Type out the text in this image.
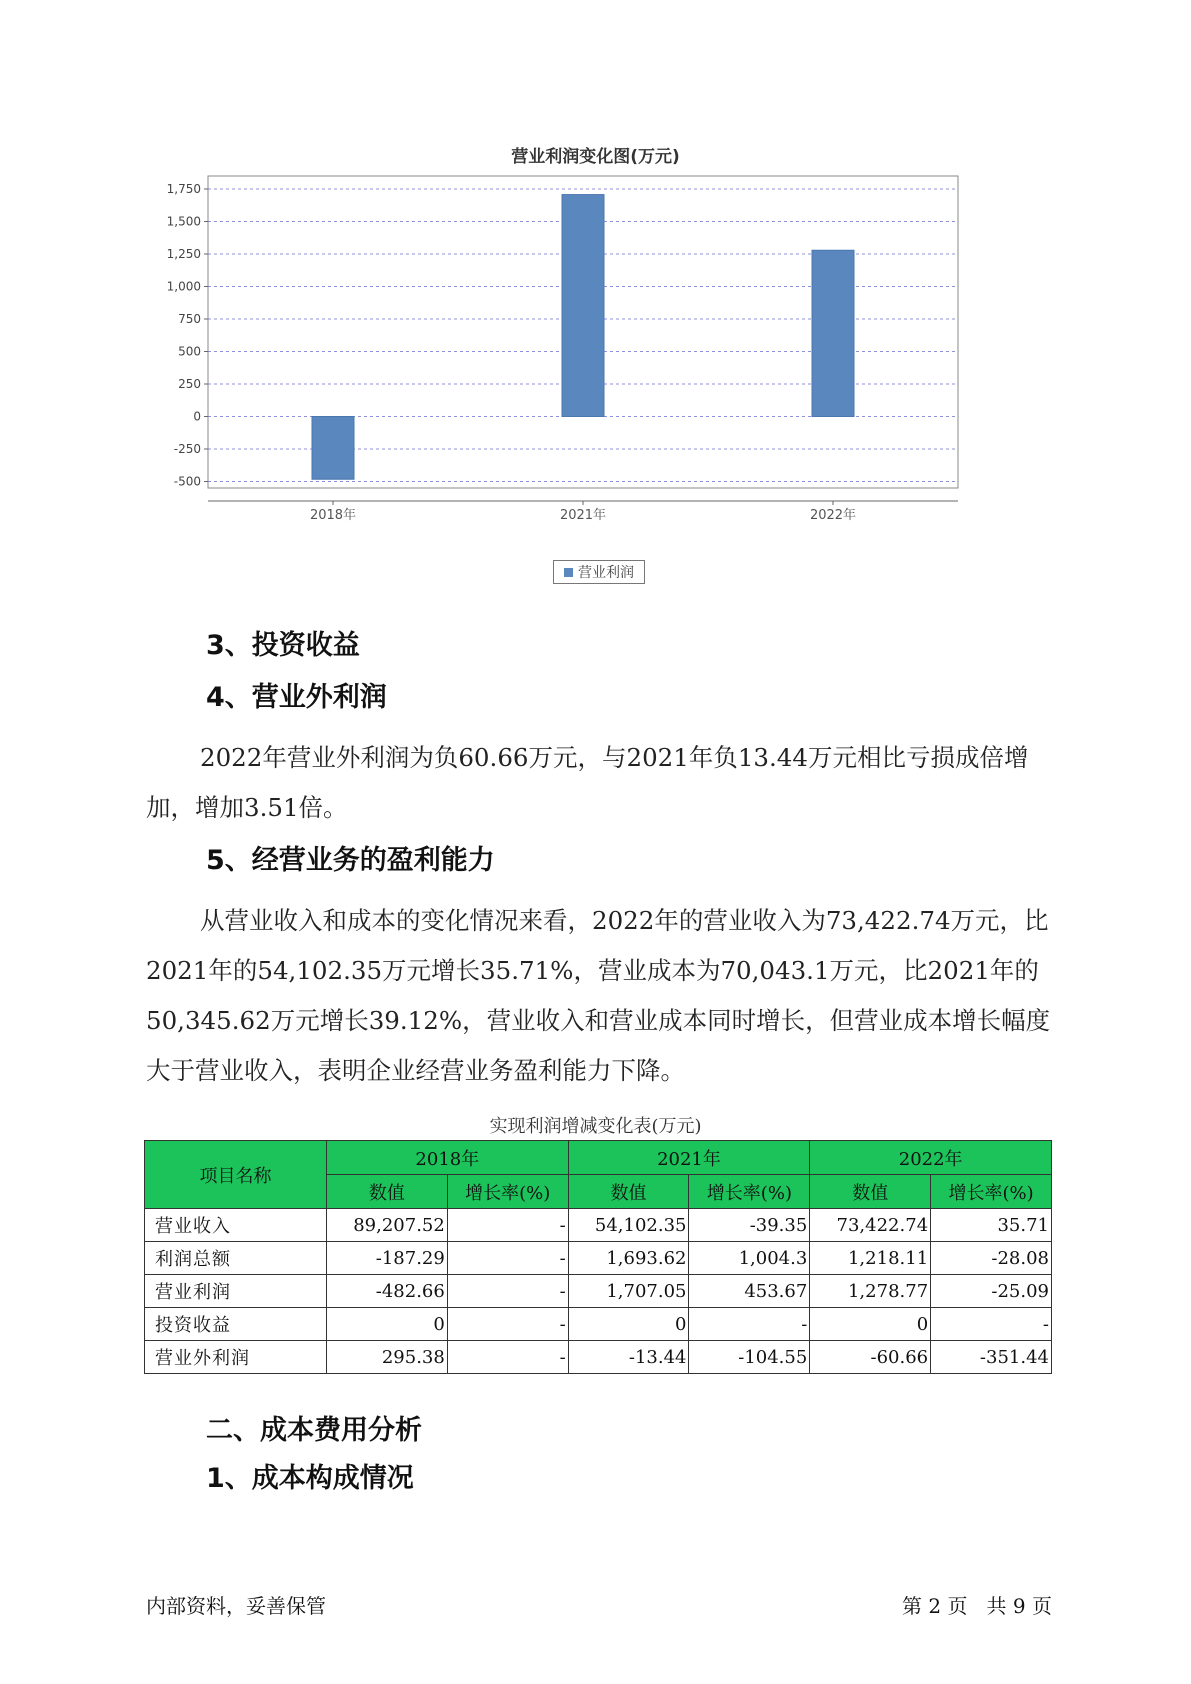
营业利润变化图(万元)
-500
-250
0
250
500
750
1,000
1,250
1,500
1,750
2018年	2021年	2022年
营业利润
3、投资收益
4、营业外利润

2022年营业外利润为负60.66万元，与2021年负13.44万元相比亏损成倍增加，增加3.51倍。

5、经营业务的盈利能力

从营业收入和成本的变化情况来看，2022年的营业收入为73,422.74万元，比2021年的54,102.35万元增长35.71%，营业成本为70,043.1万元，比2021年的50,345.62万元增长39.12%，营业收入和营业成本同时增长，但营业成本增长幅度大于营业收入，表明企业经营业务盈利能力下降。

实现利润增减变化表(万元)
项目名称	2018年		2021年		2022年	
	数值	增长率(%)	数值	增长率(%)	数值	增长率(%)
营业收入	89,207.52	-	54,102.35	-39.35	73,422.74	35.71
利润总额	-187.29	-	1,693.62	1,004.3	1,218.11	-28.08
营业利润	-482.66	-	1,707.05	453.67	1,278.77	-25.09
投资收益	0	-	0	-	0	-
营业外利润	295.38	-	-13.44	-104.55	-60.66	-351.44
二、成本费用分析
1、成本构成情况
内部资料，妥善保管	第 2 页   共 9 页
